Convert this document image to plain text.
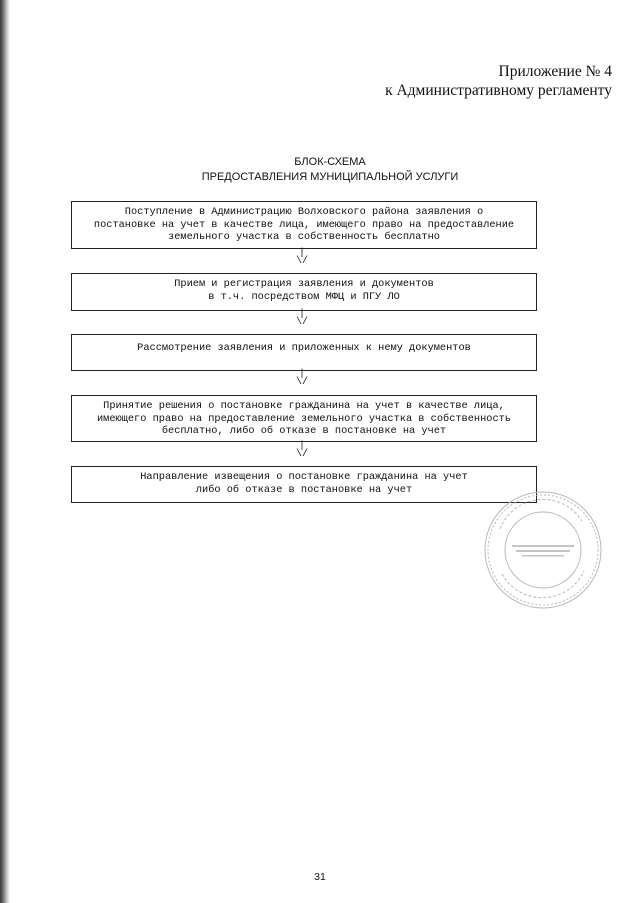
Приложение № 4
к Административному регламенту
БЛОК-СХЕМА
ПРЕДОСТАВЛЕНИЯ МУНИЦИПАЛЬНОЙ УСЛУГИ
Поступление в Администрацию Волховского района заявления о
постановке на учет в качестве лица, имеющего право на предоставление
земельного участка в собственность бесплатно
|
\/
Прием и регистрация заявления и документов
в т.ч. посредством МФЦ и ПГУ ЛО
|
\/
Рассмотрение заявления и приложенных к нему документов
|
\/
Принятие решения о постановке гражданина на учет в качестве лица,
имеющего право на предоставление земельного участка в собственность
бесплатно, либо об отказе в постановке на учет
|
\/
Направление извещения о постановке гражданина на учет
либо об отказе в постановке на учет
31
